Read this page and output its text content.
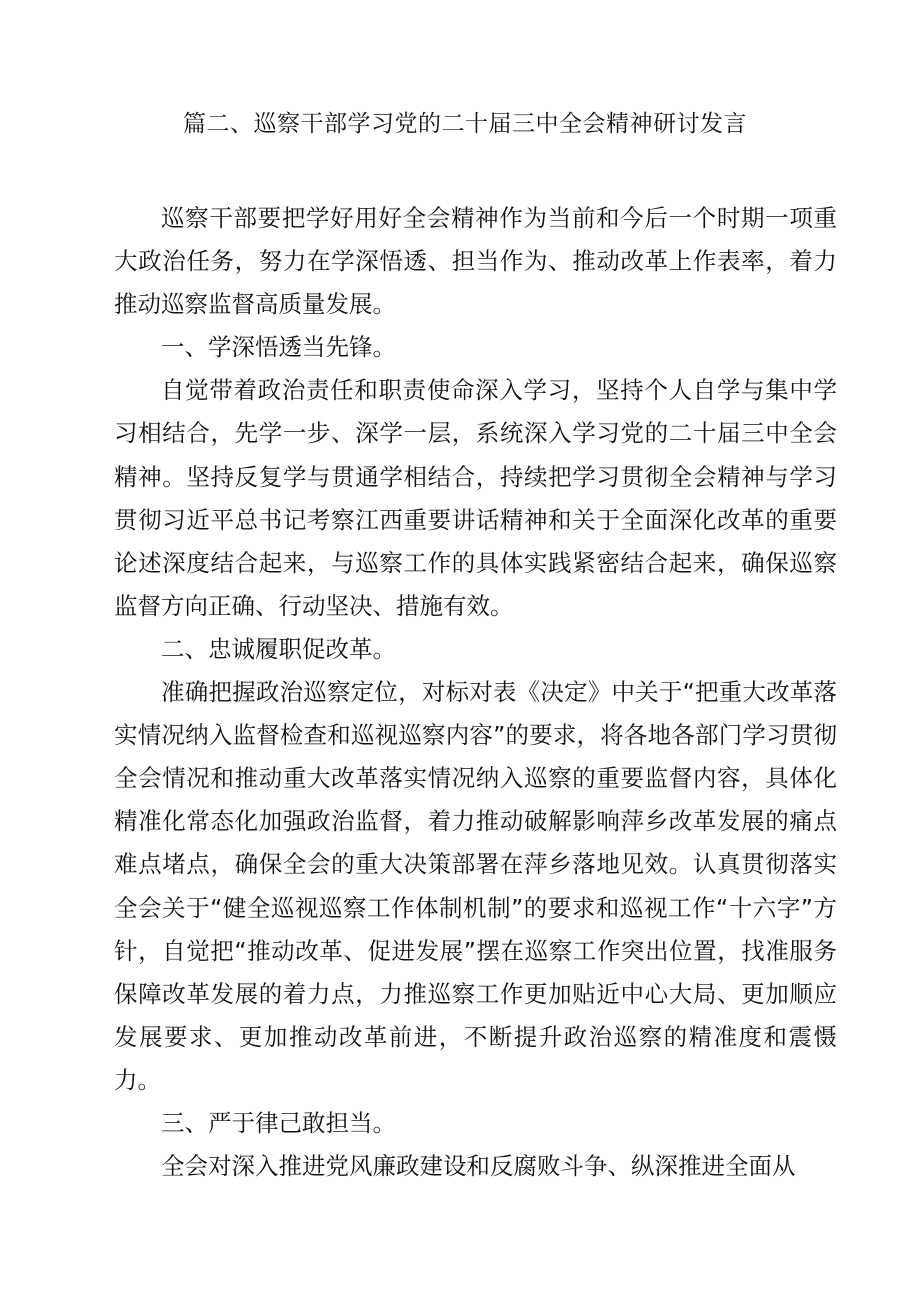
篇二、巡察干部学习党的二十届三中全会精神研讨发言

巡察干部要把学好用好全会精神作为当前和今后一个时期一项重大政治任务，努力在学深悟透、担当作为、推动改革上作表率，着力推动巡察监督高质量发展。

一、学深悟透当先锋。

自觉带着政治责任和职责使命深入学习，坚持个人自学与集中学习相结合，先学一步、深学一层，系统深入学习党的二十届三中全会精神。坚持反复学与贯通学相结合，持续把学习贯彻全会精神与学习贯彻习近平总书记考察江西重要讲话精神和关于全面深化改革的重要论述深度结合起来，与巡察工作的具体实践紧密结合起来，确保巡察监督方向正确、行动坚决、措施有效。

二、忠诚履职促改革。

准确把握政治巡察定位，对标对表《决定》中关于“把重大改革落实情况纳入监督检查和巡视巡察内容”的要求，将各地各部门学习贯彻全会情况和推动重大改革落实情况纳入巡察的重要监督内容，具体化精准化常态化加强政治监督，着力推动破解影响萍乡改革发展的痛点难点堵点，确保全会的重大决策部署在萍乡落地见效。认真贯彻落实全会关于“健全巡视巡察工作体制机制”的要求和巡视工作“十六字”方针，自觉把“推动改革、促进发展”摆在巡察工作突出位置，找准服务保障改革发展的着力点，力推巡察工作更加贴近中心大局、更加顺应发展要求、更加推动改革前进，不断提升政治巡察的精准度和震慑力。

三、严于律己敢担当。

全会对深入推进党风廉政建设和反腐败斗争、纵深推进全面从
